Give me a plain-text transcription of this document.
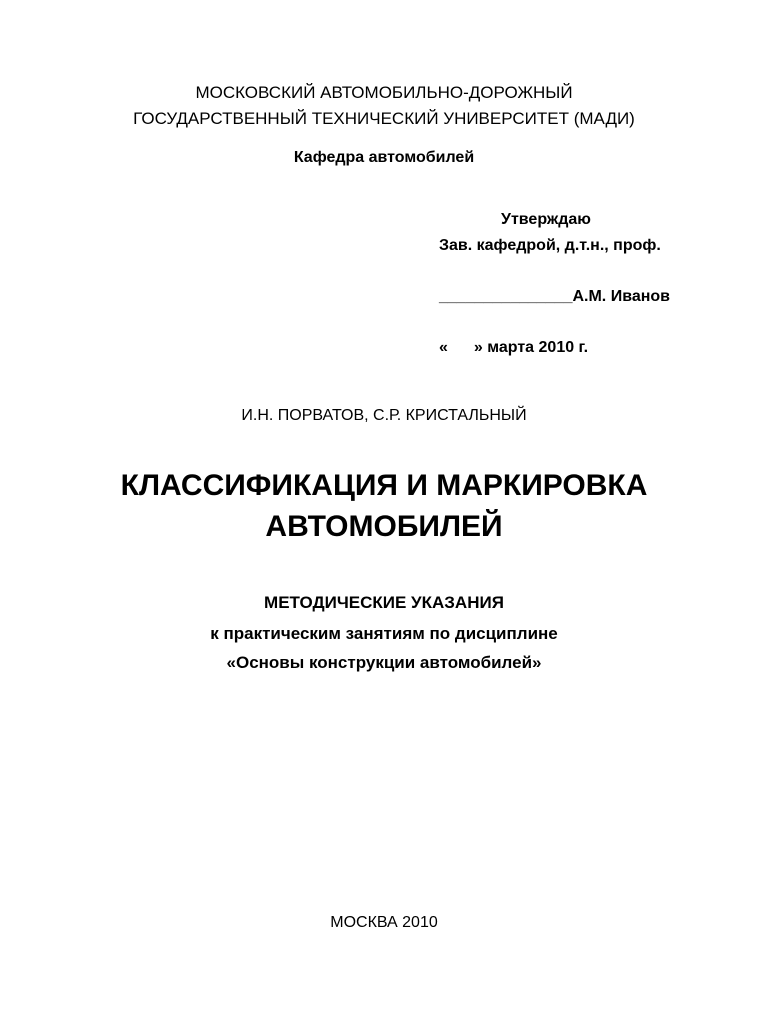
МОСКОВСКИЙ АВТОМОБИЛЬНО-ДОРОЖНЫЙ
ГОСУДАРСТВЕННЫЙ ТЕХНИЧЕСКИЙ УНИВЕРСИТЕТ (МАДИ)
Кафедра автомобилей
Утверждаю
Зав. кафедрой, д.т.н., проф.
_______________А.М. Иванов
« » марта 2010 г.
И.Н. ПОРВАТОВ, С.Р. КРИСТАЛЬНЫЙ
КЛАССИФИКАЦИЯ И МАРКИРОВКА
АВТОМОБИЛЕЙ
МЕТОДИЧЕСКИЕ УКАЗАНИЯ
к практическим занятиям по дисциплине
«Основы конструкции автомобилей»
МОСКВА 2010
